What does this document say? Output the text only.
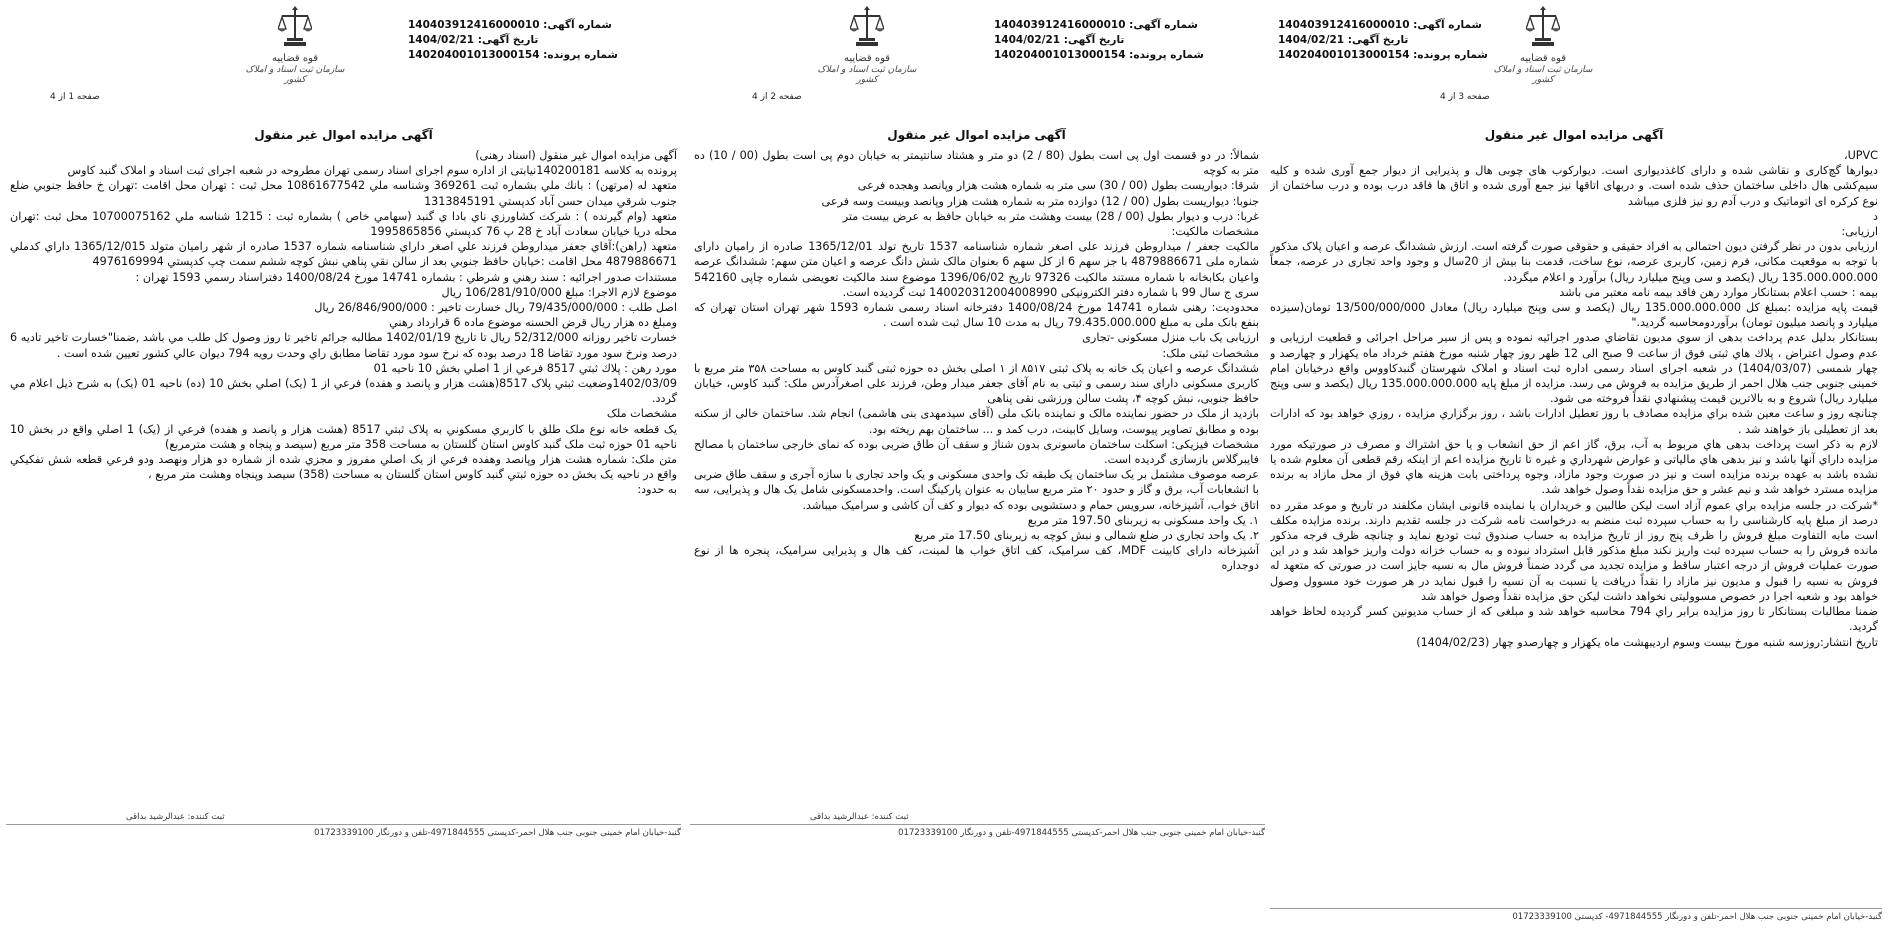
قوه قضاییه
سازمان ثبت اسناد و املاک کشور
شماره آگهی: 140403912416000010
تاریخ آگهی: 1404/02/21
شماره پرونده: 140204001013000154
صفحه 3 از 4
آگهی مزایده اموال غیر منقول

UPVC،

دیوارها گچ‌کاری و نقاشی شده و دارای کاغذدیواری است. دیوارکوب های چوبی هال و پذیرایی از دیوار جمع آوری شده و کلیه سیم‌کشی هال داخلی ساختمان حذف شده است. و دربهای اتاقها نیز جمع آوری شده و اتاق ها فاقد درب بوده و درب ساختمان از نوع کرکره ای اتوماتیک و درب آدم رو نیز فلزی میباشد

د

ارزیابی:

ارزیابی بدون در نظر گرفتن دیون احتمالی به افراد حقیقی و حقوقی صورت گرفته است. ارزش ششدانگ عرصه و اعیان پلاک مذکور با توجه به موقعیت مکانی، فرم زمین، کاربری عرصه، نوع ساخت، قدمت بنا بیش از 20سال و وجود واحد تجاری در عرصه، جمعاً 135.000.000.000 ریال (یکصد و سی وپنج میلیارد ریال) برآورد و اعلام میگردد.

بیمه : حسب اعلام بستانکار موارد رهن فاقد بیمه نامه معتبر می باشد

قیمت پایه مزایده :بمبلغ کل 135.000.000.000 ریال (یکصد و سی وپنج میلیارد ریال) معادل 13/500/000/000 تومان(سیزده میلیارد و پانصد میلیون تومان) برآوردومحاسبه گردید."

بستانکار بدلیل عدم پرداخت بدهی از سوي مدیون تقاضاي صدور اجرائیه نموده و پس از سیر مراحل اجرائی و قطعیت ارزیابی و عدم وصول اعتراض ، پلاك هاي ثبتی فوق از ساعت 9 صبح الی 12 ظهر روز چهار شنبه مورخ هفتم خرداد ماه یکهزار و چهارصد و چهار شمسی (1404/03/07) در شعبه اجرای اسناد رسمی اداره ثبت اسناد و املاک شهرستان گنبدکاووس واقع درخیابان امام خمینی جنوبی جنب هلال احمر از طریق مزایده به فروش می رسد. مزایده از مبلغ پایه 135.000.000.000 ریال (یکصد و سی وپنج میلیارد ریال) شروع و به بالاترین قیمت پیشنهادي نقداً فروخته می شود.

چنانچه روز و ساعت معین شده براي مزایده مصادف با روز تعطیل ادارات باشد ، روز برگزاري مزایده ، روزي خواهد بود که ادارات بعد از تعطیلی باز خواهند شد .

لازم به ذکر است پرداخت بدهی هاي مربوط به آب، برق، گاز اعم از حق انشعاب و یا حق اشتراك و مصرف در صورتیکه مورد مزایده داراي آنها باشد و نیز بدهی هاي مالیاتی و عوارض شهرداري و غیره تا تاریخ مزایده اعم از اینکه رقم قطعی آن معلوم شده یا نشده باشد به عهده برنده مزایده است و نیز در صورت وجود مازاد، وجوه پرداختی بابت هزینه هاي فوق از محل مازاد به برنده مزایده مسترد خواهد شد و نیم عشر و حق مزایده نقداً وصول خواهد شد.

*شرکت در جلسه مزایده براي عموم آزاد است لیکن طالبین و خریداران یا نماینده قانونی ایشان مکلفند در تاریخ و موعد مقرر ده درصد از مبلغ پایه کارشناسی را به حساب سپرده ثبت منضم به درخواست نامه شرکت در جلسه تقدیم دارند. برنده مزایده مکلف است مابه التفاوت مبلغ فروش را ظرف پنج روز از تاریخ مزایده به حساب صندوق ثبت تودیع نماید و چنانچه ظرف فرجه مذکور مانده فروش را به حساب سپرده ثبت واریز نکند مبلغ مذکور قابل استرداد نبوده و به حساب خزانه دولت واریز خواهد شد و در این صورت عملیات فروش از درجه اعتبار ساقط و مزایده تجدید می گردد ضمناً فروش مال به نسیه جایز است در صورتی که متعهد له فروش به نسیه را قبول و مدیون نیز مازاد را نقداً دریافت یا نسبت به آن نسیه را قبول نماید در هر صورت خود مسوول وصول خواهد بود و شعبه اجرا در خصوص مسوولیتی نخواهد داشت لیکن حق مزایده نقداً وصول خواهد شد

ضمنا مطالبات بستانکار تا روز مزایده برابر راي 794 محاسبه خواهد شد و مبلغی که از حساب مدیونین کسر گردیده لحاظ خواهد گردید.

تاریخ انتشار:روزسه شنبه مورخ بیست وسوم اردیبهشت ماه یکهزار و چهارصدو چهار (1404/02/23)

گنبد-خیابان امام خمینی جنوبی جنب هلال احمر-تلفن و دورنگار 4971844555- کدپستی 01723339100
قوه قضاییه
سازمان ثبت اسناد و املاک کشور
شماره آگهی: 140403912416000010
تاریخ آگهی: 1404/02/21
شماره پرونده: 140204001013000154
صفحه 2 از 4
آگهی مزایده اموال غیر منقول

شمالاً: در دو قسمت اول پی است بطول (80 / 2) دو متر و هشتاد سانتیمتر به خیابان دوم پی است بطول (00 / 10) ده متر به کوچه

شرقا: دیواریست بطول (00 / 30) سی متر به شماره هشت هزار وپانصد وهجده فرعی

جنوبا: دیواریست بطول (00 / 12) دوازده متر به شماره هشت هزار وپانصد وبیست وسه فرعی

غربا: درب و دیوار بطول (00 / 28) بیست وهشت متر به خیابان حافظ به عرض بیست متر

مشخصات مالکیت:

مالکیت جعفر / میداروطن فرزند علی اصغر شماره شناسنامه 1537 تاریخ تولد 1365/12/01 صادره از رامیان دارای شماره ملی 4879886671 با جز سهم 6 از کل سهم 6 بعنوان مالک شش دانگ عرصه و اعیان متن سهم: ششدانگ عرصه واعیان بکابخانه با شماره مستند مالکیت 97326 تاریخ 1396/06/02 موضوع سند مالکیت تعویضی شماره چاپی 542160 سری ج سال 99 با شماره دفتر الکترونیکی 140020312004008990 ثبت گردیده است.

محدودیت: رهنی شماره 14741 مورخ 1400/08/24 دفترخانه اسناد رسمی شماره 1593 شهر تهران استان تهران که بنفع بانک ملی به مبلغ 79.435.000.000 ریال به مدت 10 سال ثبت شده است .

ارزیابی یک باب منزل مسکونی -تجاری

مشخصات ثبتی ملک:

ششدانگ عرصه و اعیان یک خانه به پلاک ثبتی ۸۵۱۷ از ۱ اصلی بخش ده حوزه ثبتی گنبد کاوس به مساحت ۳۵۸ متر مربع با کاربری مسکونی دارای سند رسمی و ثبتی به نام آقای جعفر میدار وطن، فرزند علی اصغرآدرس ملک: گنبد کاوس، خیابان حافظ جنوبی، نبش کوچه ۴، پشت سالن ورزشی نقی پناهی

بازدید از ملک در حضور نماینده مالک و نماینده بانک ملی (آقای سیدمهدی بنی هاشمی) انجام شد. ساختمان خالی از سکنه بوده و مطابق تصاویر پیوست، وسایل کابینت، درب کمد و ... ساختمان بهم ریخته بود.

مشخصات فیزیکی: اسکلت ساختمان ماسونری بدون شناژ و سقف آن طاق ضربی بوده که نمای خارجی ساختمان با مصالح فایبرگلاس بازسازی گردیده است.

عرصه موصوف مشتمل بر یک ساختمان یک طبقه تک واحدی مسکونی و یک واحد تجاری با سازه آجری و سقف طاق ضربی با انشعابات آب، برق و گاز و حدود ۲۰ متر مربع سایبان به عنوان پارکینگ است. واحدمسکونی شامل یک هال و پذیرایی، سه اتاق خواب، آشپزخانه، سرویس حمام و دستشویی بوده که دیوار و کف آن کاشی و سرامیک میباشد.

۱. یک واحد مسکونی به زیربنای 197.50 متر مربع

۲. یک واحد تجاری در ضلع شمالی و نبش کوچه به زیربنای 17.50 متر مربع

آشپزخانه دارای کابینت MDF، کف سرامیک، کف اتاق خواب ها لمینت، کف هال و پذیرایی سرامیک، پنجره ها از نوع دوجداره

ثبت کننده: عبدالرشید بداقی
گنبد-خیابان امام خمینی جنوبی جنب هلال احمر-کدپستی 4971844555-تلفن و دورنگار 01723339100
قوه قضاییه
سازمان ثبت اسناد و املاک کشور
شماره آگهی: 140403912416000010
تاریخ آگهی: 1404/02/21
شماره پرونده: 140204001013000154
صفحه 1 از 4
آگهی مزایده اموال غیر منقول

آگهی مزایده اموال غیر منقول (اسناد رهنی)

پرونده به کلاسه 140200181نیابتی از اداره سوم اجرای اسناد رسمی تهران مطروحه در شعبه اجرای ثبت اسناد و املاک گنبد کاوس

متعهد له (مرتهن) : بانك ملي بشماره ثبت 369261 وشناسه ملي 10861677542 محل ثبت : تهران محل اقامت :تهران خ حافظ جنوبي ضلع جنوب شرقي ميدان حسن آباد كدپستي 1313845191

متعهد (وام گیرنده ) : شرکت کشاورزي ناي بادا ي گنبد (سهامي خاص ) بشماره ثبت : 1215 شناسه ملي 10700075162 محل ثبت :تهران محله دريا خيابان سعادت آباد خ 28 پ 76 كدپستي 1995865856

متعهد (راهن):آقاي جعفر ميداروطن فرزند علي اصغر داراي شناسنامه شماره 1537 صادره از شهر راميان متولد 1365/12/015 داراي کدملي 4879886671 محل اقامت :خيابان حافظ جنوبي بعد از سالن نقي پناهي نبش كوچه ششم سمت چپ كدپستي 4976169994

مستندات صدور اجرائیه : سند رهني و شرطي : بشماره 14741 مورخ 1400/08/24 دفتراسناد رسمي 1593 تهران :

موضوع لازم الاجرا: مبلغ 106/281/910/000 ريال

اصل طلب : 79/435/000/000 ريال خسارت تاخير : 26/846/900/000 ريال

ومبلغ ده هزار ريال قرض الحسنه موضوع ماده 6 قرارداد رهني

خسارت تاخير روزانه 52/312/000 ريال تا تاريخ 1402/01/19 مطالبه جرائم تاخير تا روز وصول كل طلب مي باشد ,ضمنا"خسارت تاخير تاديه 6 درصد ونرخ سود مورد تقاضا 18 درصد بوده كه نرخ سود مورد تقاضا مطابق راي وحدت رويه 794 ديوان عالي كشور تعيين شده است .

مورد رهن : پلاك ثبتي 8517 فرعي از 1 اصلي بخش 10 ناحيه 01

1402/03/09وضعيت ثبتي پلاک 8517(هشت هزار و پانصد و هفده) فرعي از 1 (يک) اصلي بخش 10 (ده) ناحيه 01 (يک) به شرح ذيل اعلام مي گردد.

مشخصات ملک

يک قطعه خانه نوع ملک طلق با کاربري مسکوني به پلاک ثبتي 8517 (هشت هزار و پانصد و هفده) فرعي از (يک) 1 اصلي واقع در بخش 10 ناحيه 01 حوزه ثبت ملک گنبد کاوس استان گلستان به مساحت 358 متر مربع (سيصد و پنجاه و هشت مترمربع)

متن ملک: شماره هشت هزار وپانصد وهفده فرعي از يک اصلي مفروز و مجزي شده از شماره دو هزار ونهصد ودو فرعي قطعه شش تفکيکي واقع در ناحيه يک بخش ده حوزه ثبتي گنبد کاوس استان گلستان به مساحت (358) سيصد وپنجاه وهشت متر مربع ،

به حدود:

ثبت کننده: عبدالرشید بداقی
گنبد-خیابان امام خمینی جنوبی جنب هلال احمر-کدپستی 4971844555-تلفن و دورنگار 01723339100
